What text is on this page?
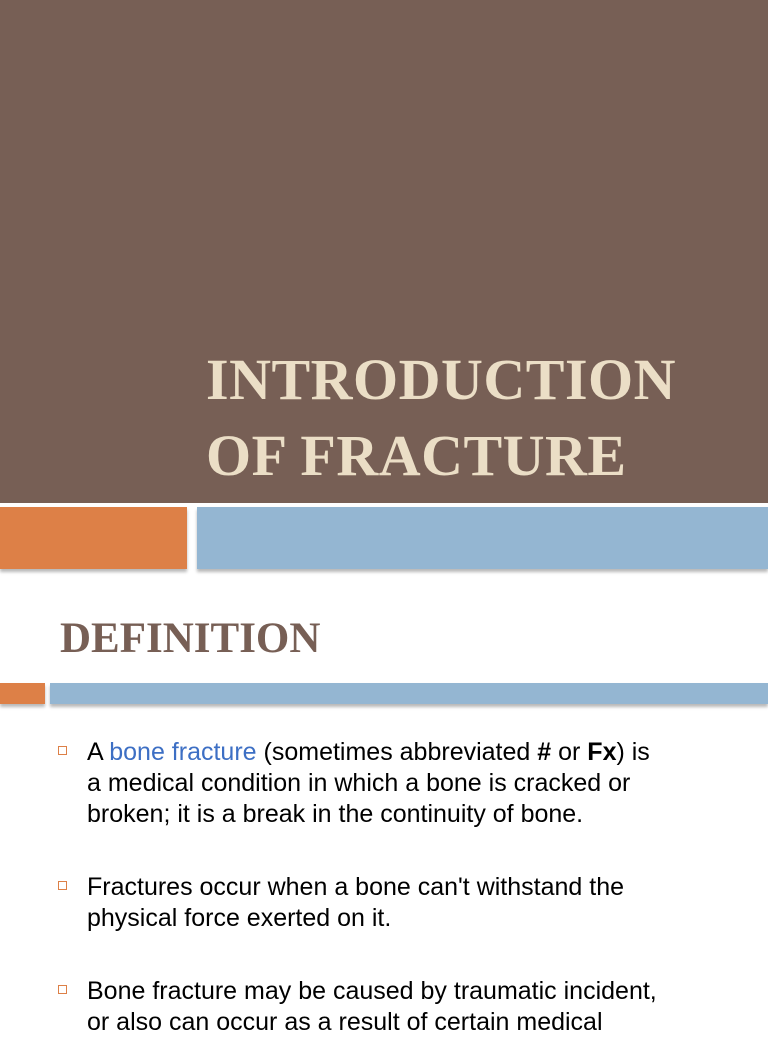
INTRODUCTION
OF FRACTURE
DEFINITION
A bone fracture (sometimes abbreviated # or Fx) is
a medical condition in which a bone is cracked or
broken; it is a break in the continuity of bone.
Fractures occur when a bone can't withstand the
physical force exerted on it.
Bone fracture may be caused by traumatic incident,
or also can occur as a result of certain medical
